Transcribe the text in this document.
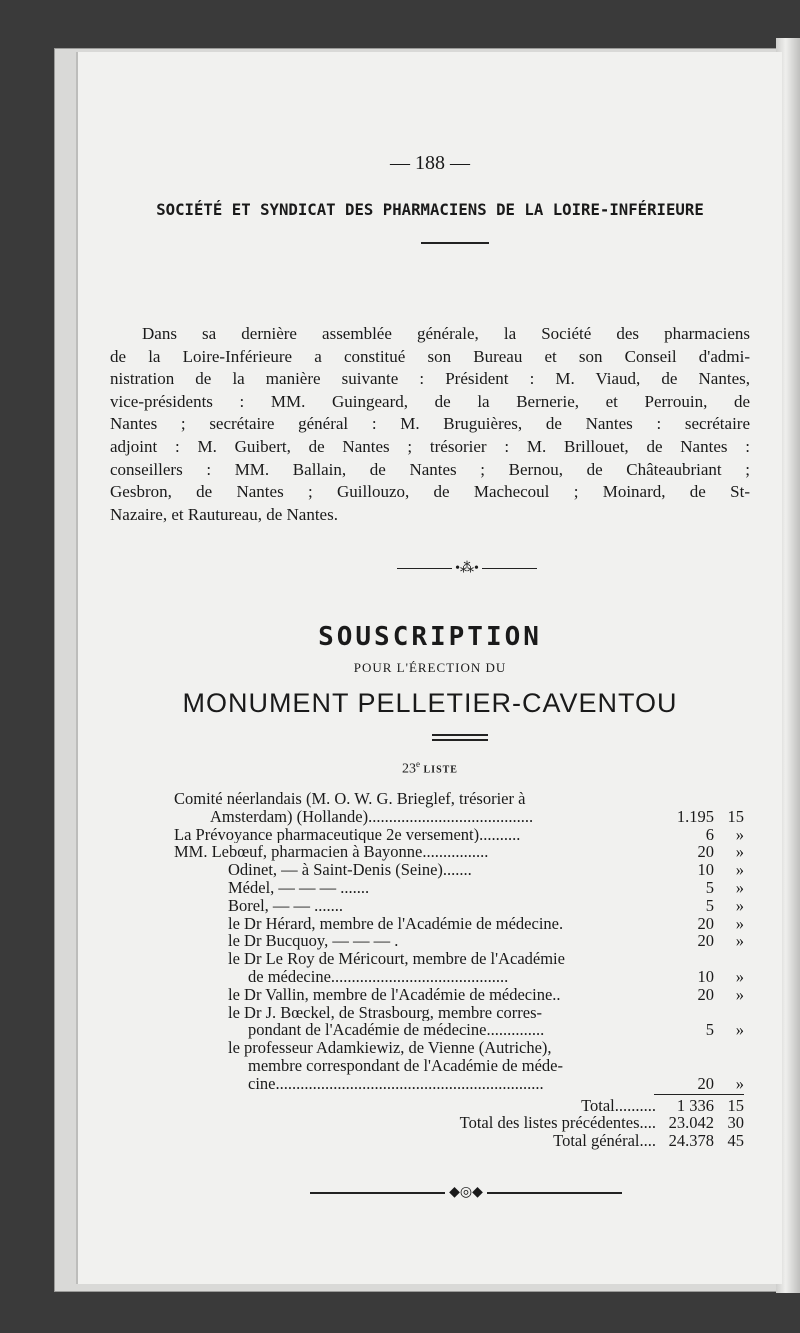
— 188 —
SOCIÉTÉ ET SYNDICAT DES PHARMACIENS DE LA LOIRE-INFÉRIEURE
Dans sa dernière assemblée générale, la Société des pharmaciens
de la Loire-Inférieure a constitué son Bureau et son Conseil d'admi-
nistration de la manière suivante : Président : M. Viaud, de Nantes,
vice-présidents : MM. Guingeard, de la Bernerie, et Perrouin, de
Nantes ; secrétaire général : M. Bruguières, de Nantes : secrétaire
adjoint : M. Guibert, de Nantes ; trésorier : M. Brillouet, de Nantes :
conseillers : MM. Ballain, de Nantes ; Bernou, de Châteaubriant ;
Gesbron, de Nantes ; Guillouzo, de Machecoul ; Moinard, de St-
Nazaire, et Rautureau, de Nantes.
•⁂•
SOUSCRIPTION
POUR L'ÉRECTION DU
MONUMENT PELLETIER-CAVENTOU
23e LISTE
Comité néerlandais (M. O. W. G. Brieglef, trésorier à
Amsterdam) (Hollande)........................................	1.195 15
La Prévoyance pharmaceutique 2e versement)..........	6	»
MM. Lebœuf, pharmacien à Bayonne................	20	»
Odinet, — à Saint-Denis (Seine).......	10	»
Médel, — — — .......	5	»
Borel, — — .......	5	»
le Dr Hérard, membre de l'Académie de médecine.	20	»
le Dr Bucquoy, — — — .	20	»
le Dr Le Roy de Méricourt, membre de l'Académie
de médecine...........................................	10	»
le Dr Vallin, membre de l'Académie de médecine..	20	»
le Dr J. Bœckel, de Strasbourg, membre corres-
pondant de l'Académie de médecine..............	5	»
le professeur Adamkiewiz, de Vienne (Autriche),
membre correspondant de l'Académie de méde-
cine.................................................................	20	»
Total..........	1 336 15
Total des listes précédentes.... 23.042 30
Total général.... 24.378 45
◆◎◆
